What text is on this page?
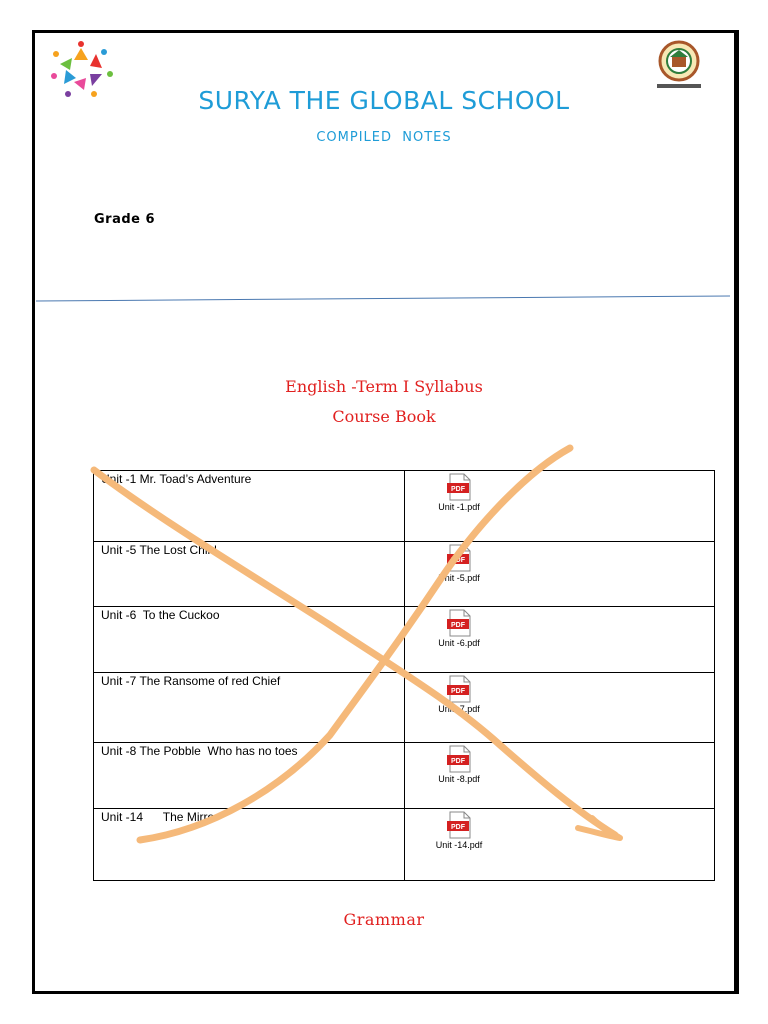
SURYA THE GLOBAL SCHOOL
COMPILED  NOTES
Grade 6
English -Term I Syllabus
Course Book
Unit -1 Mr. Toad’s Adventure	PDF
Unit -1.pdf

Unit -5 The Lost Child	PDF
Unit -5.pdf

Unit -6  To the Cuckoo	PDF
Unit -6.pdf

Unit -7 The Ransome of red Chief	PDF
Unit -7.pdf

Unit -8 The Pobble  Who has no toes	PDF
Unit -8.pdf

Unit -14      The Mirror	PDF
Unit -14.pdf
Grammar
